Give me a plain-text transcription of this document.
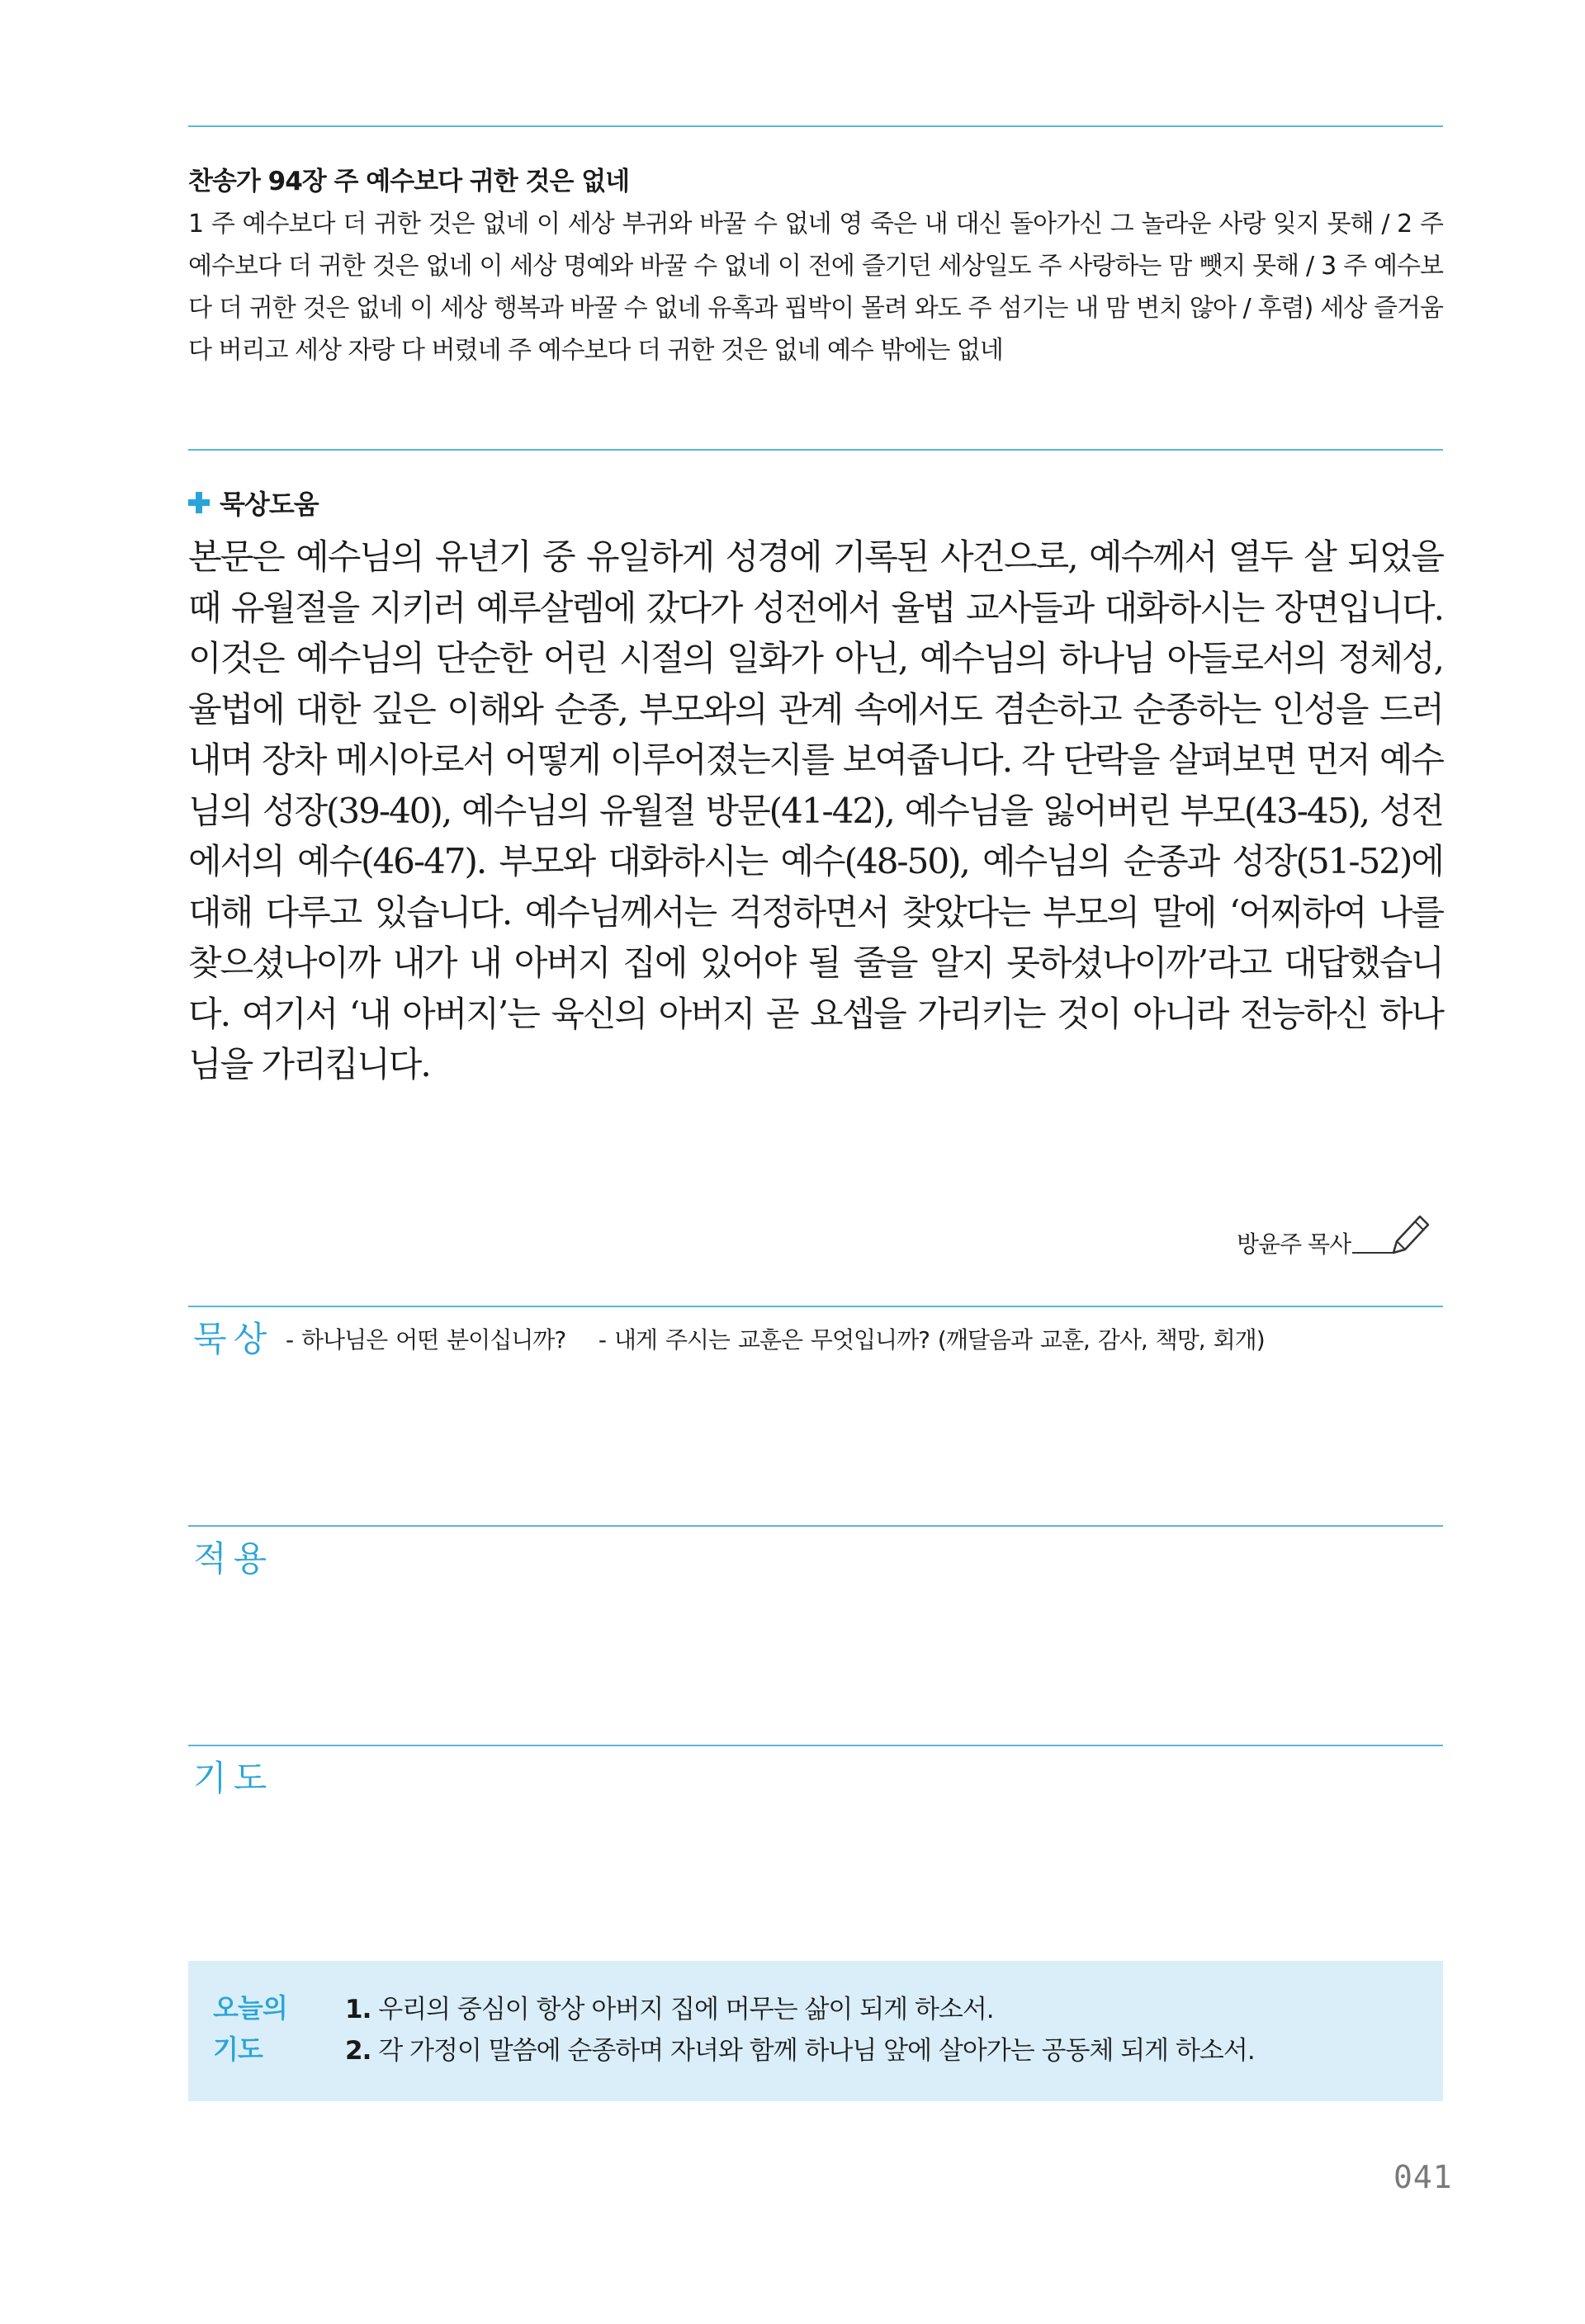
찬송가 94장 주 예수보다 귀한 것은 없네

1 주 예수보다 더 귀한 것은 없네 이 세상 부귀와 바꿀 수 없네 영 죽은 내 대신 돌아가신 그 놀라운 사랑 잊지 못해 / 2 주 예수보다 더 귀한 것은 없네 이 세상 명예와 바꿀 수 없네 이 전에 즐기던 세상일도 주 사랑하는 맘 뺏지 못해 / 3 주 예수보다 더 귀한 것은 없네 이 세상 행복과 바꿀 수 없네 유혹과 핍박이 몰려 와도 주 섬기는 내 맘 변치 않아 / 후렴) 세상 즐거움 다 버리고 세상 자랑 다 버렸네 주 예수보다 더 귀한 것은 없네 예수 밖에는 없네

묵상도움

본문은 예수님의 유년기 중 유일하게 성경에 기록된 사건으로, 예수께서 열두 살 되었을 때 유월절을 지키러 예루살렘에 갔다가 성전에서 율법 교사들과 대화하시는 장면입니다. 이것은 예수님의 단순한 어린 시절의 일화가 아닌, 예수님의 하나님 아들로서의 정체성, 율법에 대한 깊은 이해와 순종, 부모와의 관계 속에서도 겸손하고 순종하는 인성을 드러내며 장차 메시아로서 어떻게 이루어졌는지를 보여줍니다. 각 단락을 살펴보면 먼저 예수님의 성장(39-40), 예수님의 유월절 방문(41-42), 예수님을 잃어버린 부모(43-45), 성전에서의 예수(46-47). 부모와 대화하시는 예수(48-50), 예수님의 순종과 성장(51-52)에 대해 다루고 있습니다. 예수님께서는 걱정하면서 찾았다는 부모의 말에 ‘어찌하여 나를 찾으셨나이까 내가 내 아버지 집에 있어야 될 줄을 알지 못하셨나이까’라고 대답했습니다. 여기서 ‘내 아버지’는 육신의 아버지 곧 요셉을 가리키는 것이 아니라 전능하신 하나님을 가리킵니다.

방윤주 목사
묵상 - 하나님은 어떤 분이십니까? - 내게 주시는 교훈은 무엇입니까? (깨달음과 교훈, 감사, 책망, 회개)
적용
기도
오늘의 기도
1. 우리의 중심이 항상 아버지 집에 머무는 삶이 되게 하소서.
2. 각 가정이 말씀에 순종하며 자녀와 함께 하나님 앞에 살아가는 공동체 되게 하소서.
041
